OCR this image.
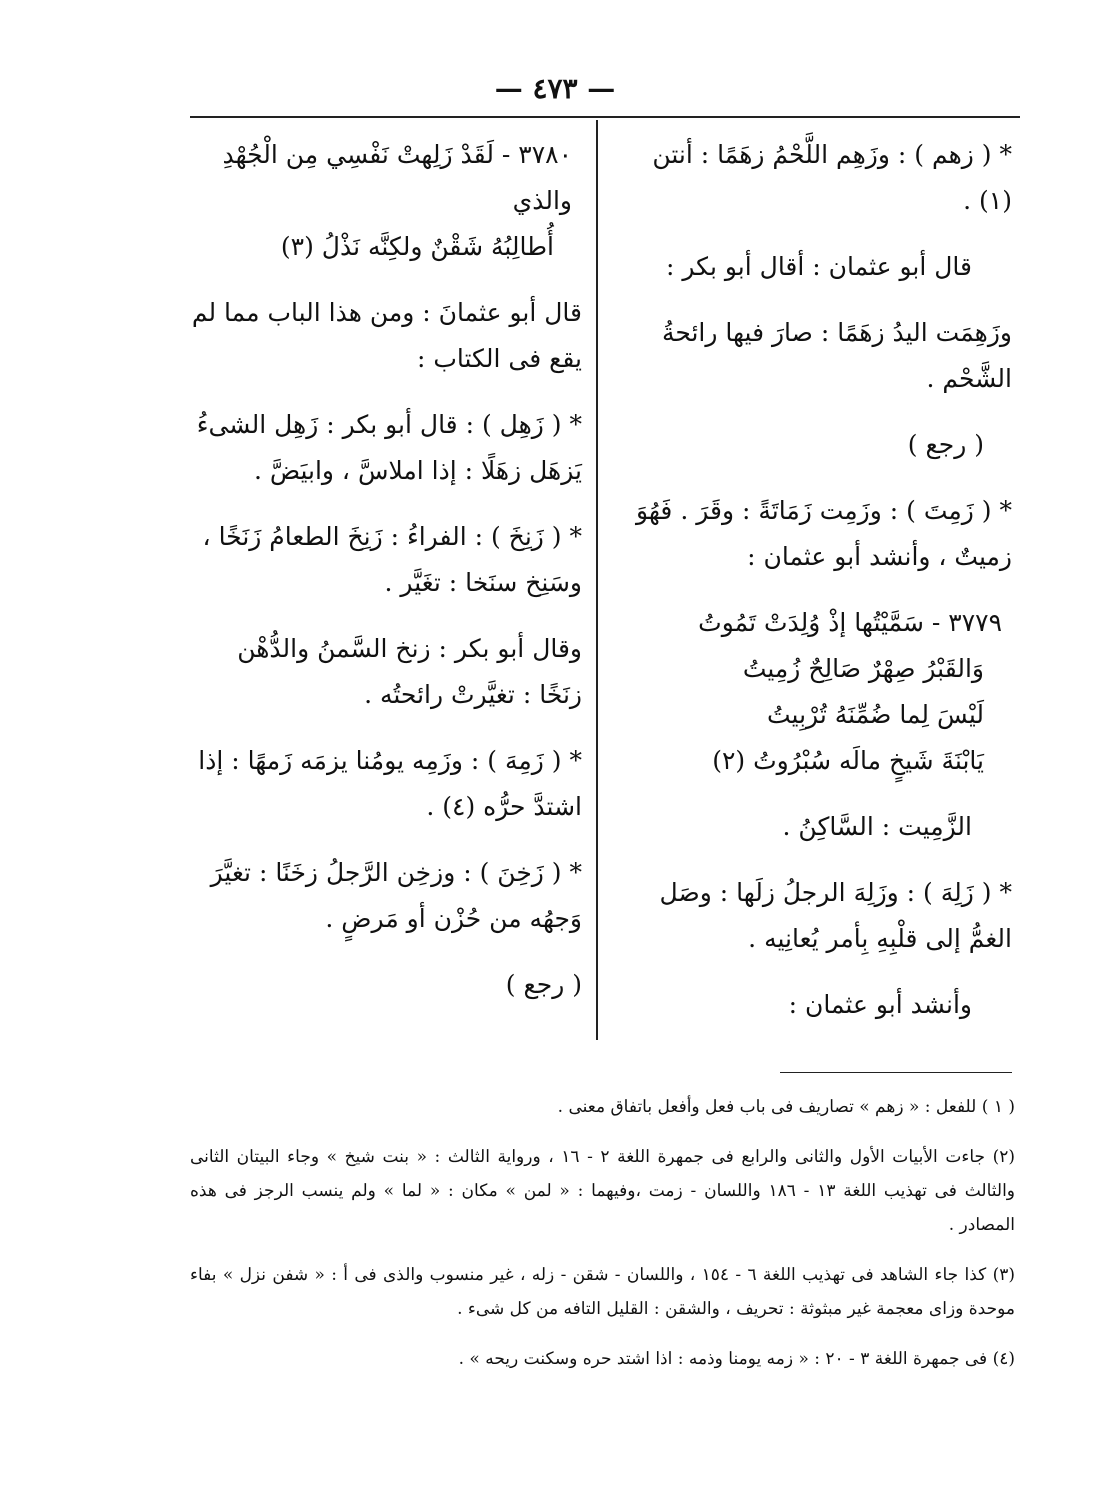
— ٤٧٣ —
* ( زهم ) : وزَهِم اللَّحْمُ زهَمًا : أنتن (١) .
قال أبو عثمان : أقال أبو بكر :
وزَهِمَت اليدُ زهَمًا : صارَ فيها رائحةُ الشَّحْم .
( رجع )
* ( زَمِتَ ) : وزَمِت زَمَاتَةً : وقَرَ . فَهُوَ زميتٌ ، وأنشد أبو عثمان :
٣٧٧٩ - سَمَّيْتُها إذْ وُلِدَتْ تَمُوتُ
وَالقَبْرُ صِهْرٌ صَالِحٌ زُمِيتُ
لَيْسَ لِما ضُمِّنَهُ تُرْبِيتُ
يَابْنَةَ شَيخٍ مالَه سُبْرُوتُ (٢)
الزَّمِيت : السَّاكِنُ .
* ( زَلِهَ ) : وزَلِهَ الرجلُ زلَها : وصَل الغمُّ إلى قلْبِهِ بِأمر يُعانِيه .
وأنشد أبو عثمان :
٣٧٨٠ - لَقَدْ زَلِهتْ نَفْسِي مِن الْجُهْدِ والذي
أُطالِبُهُ شَقْنٌ ولكِنَّه نَذْلُ (٣)
قال أبو عثمانَ : ومن هذا الباب مما لم يقع فى الكتاب :
* ( زَهِل ) : قال أبو بكر : زَهِل الشىءُ يَزهَل زهَلًا : إذا املاسَّ ، وابيَضَّ .
* ( زَنِخَ ) : الفراءُ : زَنِخَ الطعامُ زَنَخًا ، وسَنِخ سنَخا : تغَيَّر .
وقال أبو بكر : زنخ السَّمنُ والدُّهْن زنَخًا : تغيَّرتْ رائحتُه .
* ( زَمِهَ ) : وزَمِه يومُنا يزمَه زَمهًا : إذا اشتدَّ حرُّه (٤) .
* ( زَخِنَ ) : وزخِن الرَّجلُ زخَنًا : تغيَّرَ وَجهُه من حُزْن أو مَرضٍ .
( رجع )
( ١ ) للفعل : « زهم » تصاريف فى باب فعل وأفعل باتفاق معنى .
(٢) جاءت الأبيات الأول والثانى والرابع فى جمهرة اللغة ٢ - ١٦ ، ورواية الثالث : « بنت شيخ » وجاء البيتان الثانى والثالث فى تهذيب اللغة ١٣ - ١٨٦ واللسان - زمت ،وفيهما : « لمن » مكان : « لما » ولم ينسب الرجز فى هذه المصادر .
(٣) كذا جاء الشاهد فى تهذيب اللغة ٦ - ١٥٤ ، واللسان - شقن - زله ، غير منسوب والذى فى أ : « شفن نزل » بفاء موحدة وزاى معجمة غير مبثوثة : تحريف ، والشقن : القليل التافه من كل شىء .
(٤) فى جمهرة اللغة ٣ - ٢٠ : « زمه يومنا وذمه : اذا اشتد حره وسكنت ريحه » .
